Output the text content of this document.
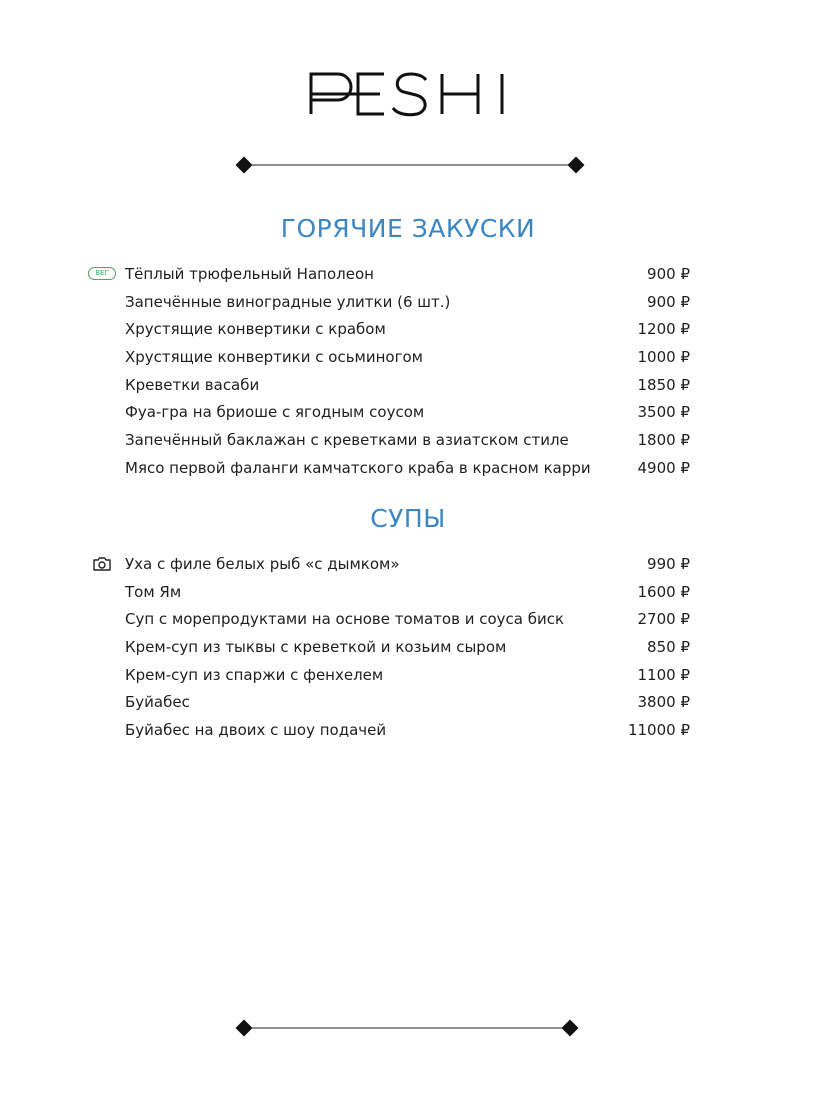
ГОРЯЧИЕ ЗАКУСКИ
ВЕГ	Тёплый трюфельный Наполеон	900 ₽
Запечённые виноградные улитки (6 шт.)	900 ₽
Хрустящие конвертики с крабом	1200 ₽
Хрустящие конвертики с осьминогом	1000 ₽
Креветки васаби	1850 ₽
Фуа-гра на бриоше с ягодным соусом	3500 ₽
Запечённый баклажан с креветками в азиатском стиле	1800 ₽
Мясо первой фаланги камчатского краба в красном карри	4900 ₽
СУПЫ
Уха с филе белых рыб «с дымком»	990 ₽
Том Ям	1600 ₽
Суп с морепродуктами на основе томатов и соуса биск	2700 ₽
Крем-суп из тыквы с креветкой и козьим сыром	850 ₽
Крем-суп из спаржи с фенхелем	1100 ₽
Буйабес	3800 ₽
Буйабес на двоих с шоу подачей	11000 ₽
